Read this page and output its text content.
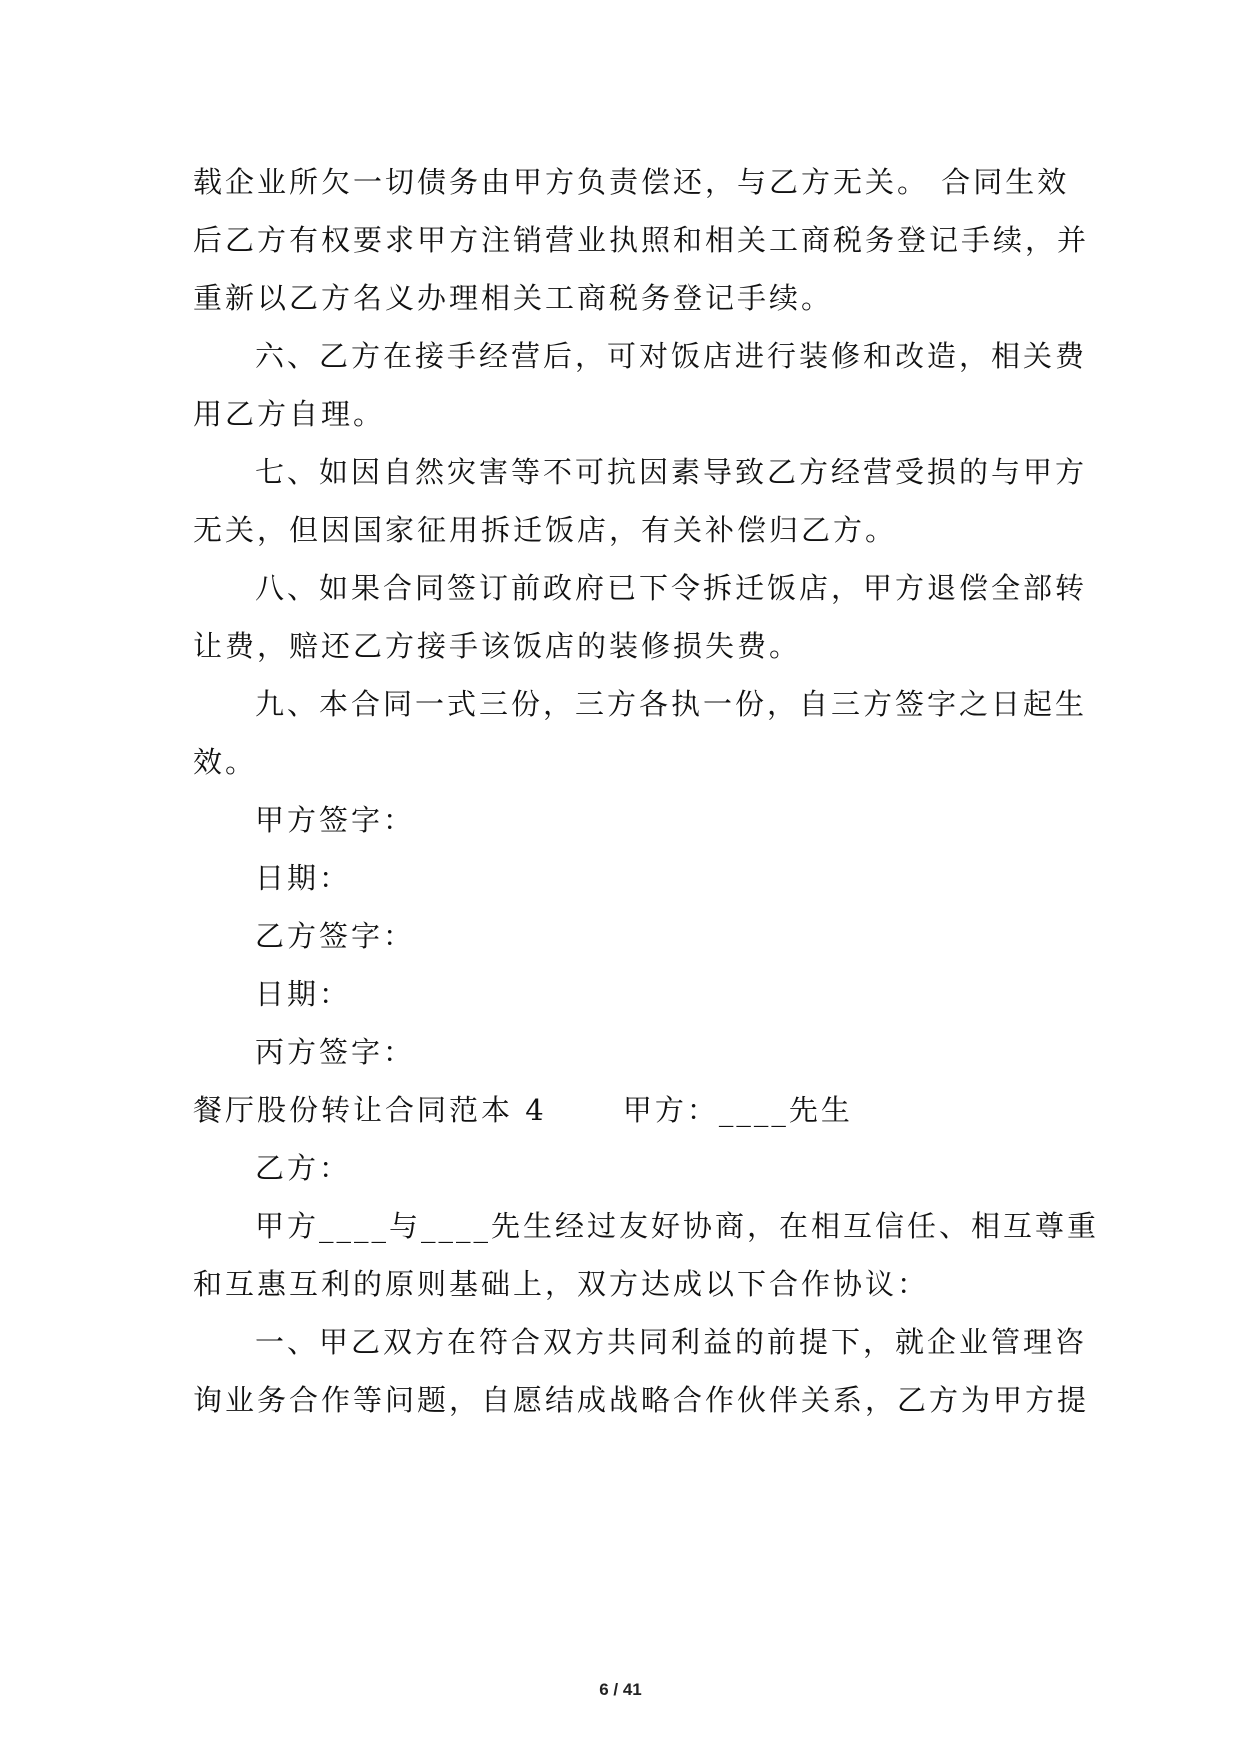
载企业所欠一切债务由甲方负责偿还，与乙方无关。 合同生效
后乙方有权要求甲方注销营业执照和相关工商税务登记手续，并
重新以乙方名义办理相关工商税务登记手续。
六、乙方在接手经营后，可对饭店进行装修和改造，相关费
用乙方自理。
七、如因自然灾害等不可抗因素导致乙方经营受损的与甲方
无关，但因国家征用拆迁饭店，有关补偿归乙方。
八、如果合同签订前政府已下令拆迁饭店，甲方退偿全部转
让费，赔还乙方接手该饭店的装修损失费。
九、本合同一式三份，三方各执一份，自三方签字之日起生
效。
甲方签字：
日期：
乙方签字：
日期：
丙方签字：
餐厅股份转让合同范本 4　　 甲方：____先生
乙方：
甲方____与____先生经过友好协商，在相互信任、相互尊重
和互惠互利的原则基础上，双方达成以下合作协议：
一、甲乙双方在符合双方共同利益的前提下，就企业管理咨
询业务合作等问题，自愿结成战略合作伙伴关系，乙方为甲方提
6 / 41
